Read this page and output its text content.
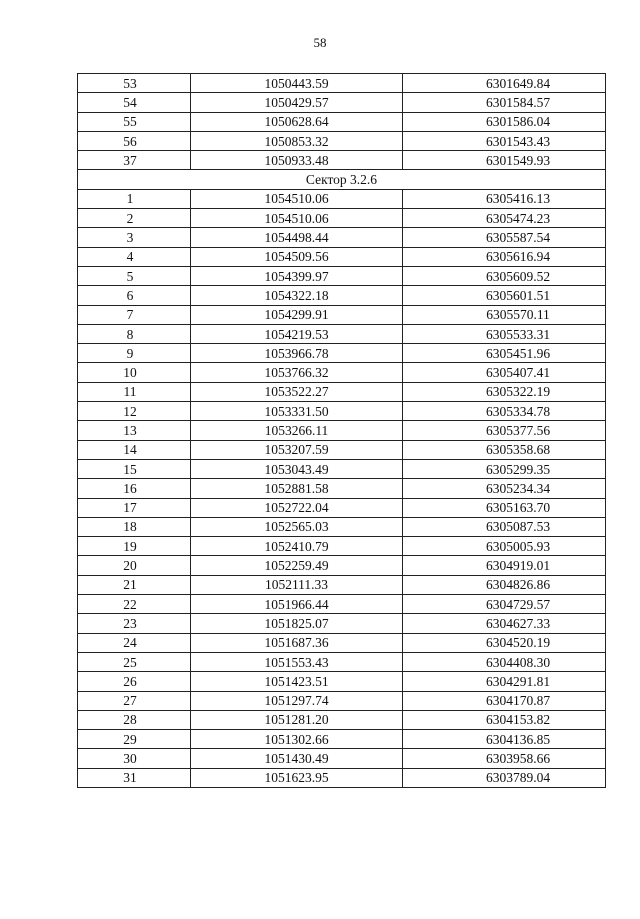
58
53	1050443.59	6301649.84
54	1050429.57	6301584.57
55	1050628.64	6301586.04
56	1050853.32	6301543.43
37	1050933.48	6301549.93
Сектор 3.2.6		
1	1054510.06	6305416.13
2	1054510.06	6305474.23
3	1054498.44	6305587.54
4	1054509.56	6305616.94
5	1054399.97	6305609.52
6	1054322.18	6305601.51
7	1054299.91	6305570.11
8	1054219.53	6305533.31
9	1053966.78	6305451.96
10	1053766.32	6305407.41
11	1053522.27	6305322.19
12	1053331.50	6305334.78
13	1053266.11	6305377.56
14	1053207.59	6305358.68
15	1053043.49	6305299.35
16	1052881.58	6305234.34
17	1052722.04	6305163.70
18	1052565.03	6305087.53
19	1052410.79	6305005.93
20	1052259.49	6304919.01
21	1052111.33	6304826.86
22	1051966.44	6304729.57
23	1051825.07	6304627.33
24	1051687.36	6304520.19
25	1051553.43	6304408.30
26	1051423.51	6304291.81
27	1051297.74	6304170.87
28	1051281.20	6304153.82
29	1051302.66	6304136.85
30	1051430.49	6303958.66
31	1051623.95	6303789.04
